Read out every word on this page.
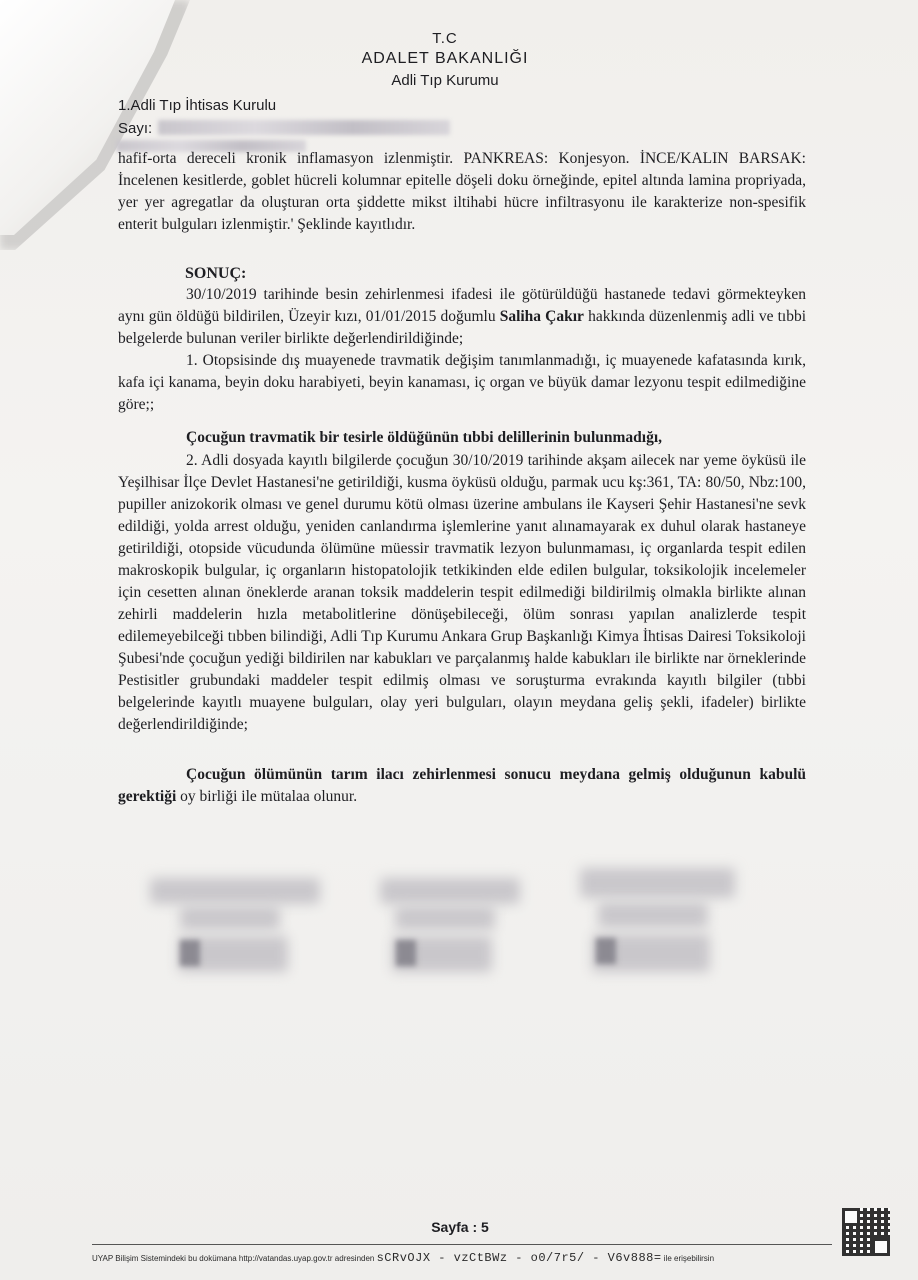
T.C
ADALET BAKANLIĞI
Adli Tıp Kurumu
1.Adli Tıp İhtisas Kurulu
Sayı:

hafif-orta dereceli kronik inflamasyon izlenmiştir. PANKREAS: Konjesyon. İNCE/KALIN BARSAK: İncelenen kesitlerde, goblet hücreli kolumnar epitelle döşeli doku örneğinde, epitel altında lamina propriyada, yer yer agregatlar da oluşturan orta şiddette mikst iltihabi hücre infiltrasyonu ile karakterize non-spesifik enterit bulguları izlenmiştir.' Şeklinde kayıtlıdır.

SONUÇ:

30/10/2019 tarihinde besin zehirlenmesi ifadesi ile götürüldüğü hastanede tedavi görmekteyken aynı gün öldüğü bildirilen, Üzeyir kızı, 01/01/2015 doğumlu Saliha Çakır hakkında düzenlenmiş adli ve tıbbi belgelerde bulunan veriler birlikte değerlendirildiğinde;

1. Otopsisinde dış muayenede travmatik değişim tanımlanmadığı, iç muayenede kafatasında kırık, kafa içi kanama, beyin doku harabiyeti, beyin kanaması, iç organ ve büyük damar lezyonu tespit edilmediğine göre;;

Çocuğun travmatik bir tesirle öldüğünün tıbbi delillerinin bulunmadığı,

2. Adli dosyada kayıtlı bilgilerde çocuğun 30/10/2019 tarihinde akşam ailecek nar yeme öyküsü ile Yeşilhisar İlçe Devlet Hastanesi'ne getirildiği, kusma öyküsü olduğu, parmak ucu kş:361, TA: 80/50, Nbz:100, pupiller anizokorik olması ve genel durumu kötü olması üzerine ambulans ile Kayseri Şehir Hastanesi'ne sevk edildiği, yolda arrest olduğu, yeniden canlandırma işlemlerine yanıt alınamayarak ex duhul olarak hastaneye getirildiği, otopside vücudunda ölümüne müessir travmatik lezyon bulunmaması, iç organlarda tespit edilen makroskopik bulgular, iç organların histopatolojik tetkikinden elde edilen bulgular, toksikolojik incelemeler için cesetten alınan öneklerde aranan toksik maddelerin tespit edilmediği bildirilmiş olmakla birlikte alınan zehirli maddelerin hızla metabolitlerine dönüşebileceği, ölüm sonrası yapılan analizlerde tespit edilemeyebilceği tıbben bilindiği, Adli Tıp Kurumu Ankara Grup Başkanlığı Kimya İhtisas Dairesi Toksikoloji Şubesi'nde çocuğun yediği bildirilen nar kabukları ve parçalanmış halde kabukları ile birlikte nar örneklerinde Pestisitler grubundaki maddeler tespit edilmiş olması ve soruşturma evrakında kayıtlı bilgiler (tıbbi belgelerinde kayıtlı muayene bulguları, olay yeri bulguları, olayın meydana geliş şekli, ifadeler) birlikte değerlendirildiğinde;

Çocuğun ölümünün tarım ilacı zehirlenmesi sonucu meydana gelmiş olduğunun kabulü gerektiği oy birliği ile mütalaa olunur.

Sayfa : 5
UYAP Bilişim Sistemindeki bu dokümana http://vatandas.uyap.gov.tr adresinden sCRvOJX - vzCtBWz - o0/7r5/ - V6v888= ile erişebilirsin
